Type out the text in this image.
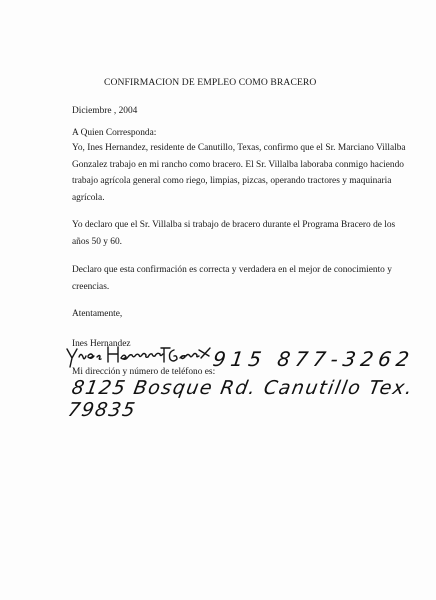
CONFIRMACION DE EMPLEO COMO BRACERO
Diciembre , 2004
A Quien Corresponda:
Yo, Ines Hernandez, residente de Canutillo, Texas, confirmo que el Sr. Marciano Villalba Gonzalez trabajo en mi rancho como bracero. El Sr. Villalba laboraba conmigo haciendo trabajo agrícola general como riego, limpias, pizcas, operando tractores y maquinaria agrícola.
Yo declaro que el Sr. Villalba si trabajo de bracero durante el Programa Bracero de los años 50 y 60.
Declaro que esta confirmación es correcta y verdadera en el mejor de conocimiento y creencias.
Atentamente,
Ines Hernandez
915 877-3262
Mi dirección y número de teléfono es:
8125 Bosque Rd. Canutillo Tex. 79835
